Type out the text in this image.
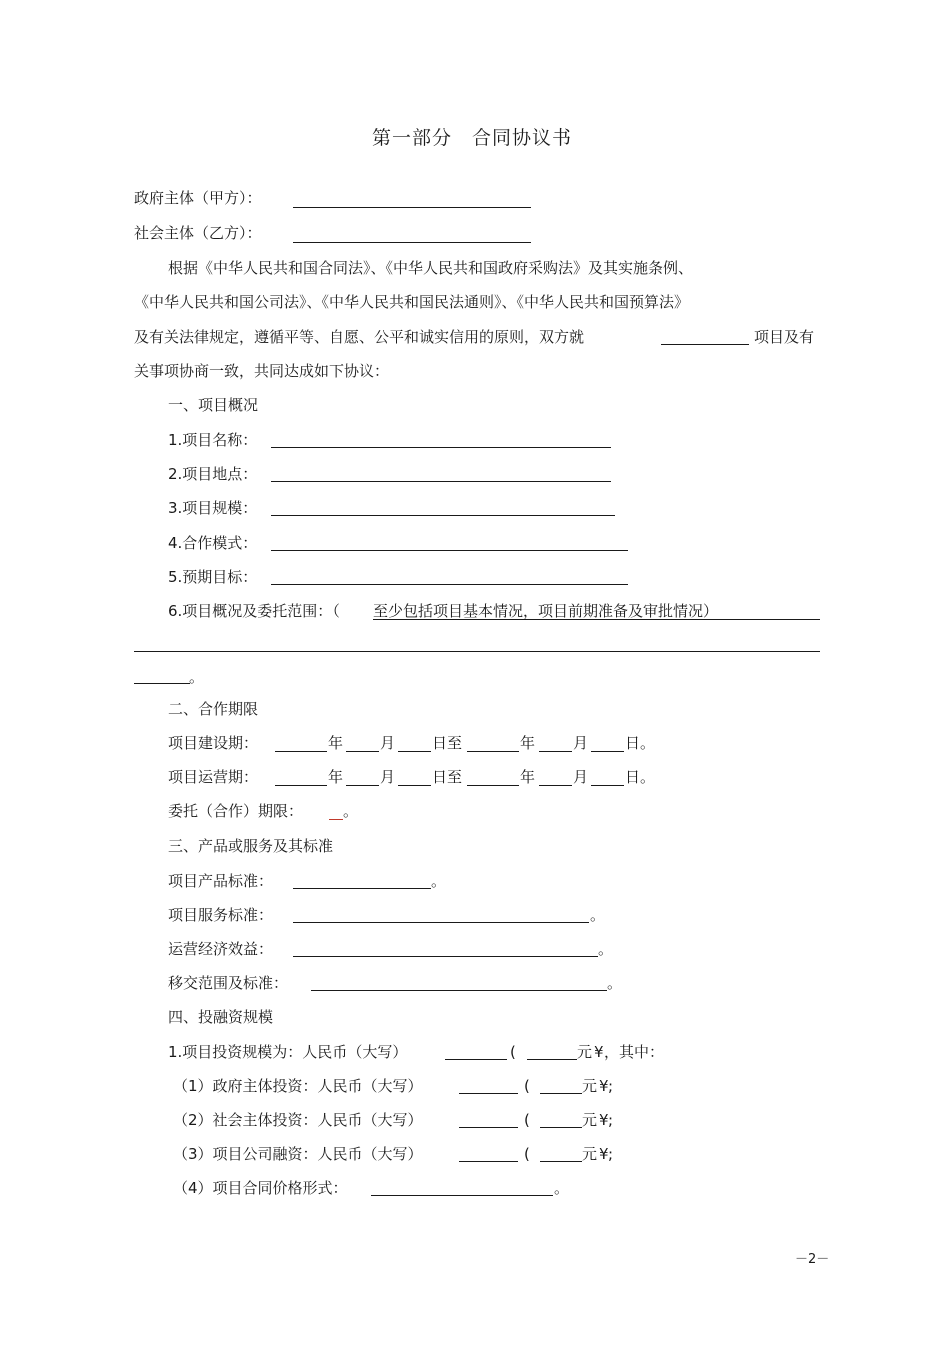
第一部分　合同协议书
政府主体（甲方）：
社会主体（乙方）：
根据《中华人民共和国合同法》、《中华人民共和国政府采购法》及其实施条例、
《中华人民共和国公司法》、《中华人民共和国民法通则》、《中华人民共和国预算法》
及有关法律规定，遵循平等、自愿、公平和诚实信用的原则，双方就	项目及有
关事项协商一致，共同达成如下协议：
一、项目概况
1.项目名称：
2.项目地点：
3.项目规模：
4.合作模式：
5.预期目标：
6.项目概况及委托范围：（ 至少包括项目基本情况，项目前期准备及审批情况）
。
二、合作期限
项目建设期：	年 月 日至	年	月 日。
项目运营期：	年 月 日至	年	月 日。
委托（合作）期限：	。
三、产品或服务及其标准
项目产品标准：	。
项目服务标准：	。
运营经济效益：	。
移交范围及标准：	。
四、投融资规模
1.项目投资规模为：人民币（大写）	(	元 ¥ ，其中：
（1）政府主体投资：人民币（大写）	(	元 ¥ ;
（2）社会主体投资：人民币（大写）	(	元 ¥ ;
（3）项目公司融资：人民币（大写）	(	元 ¥ ;
（4）项目合同价格形式：	。
－2－
